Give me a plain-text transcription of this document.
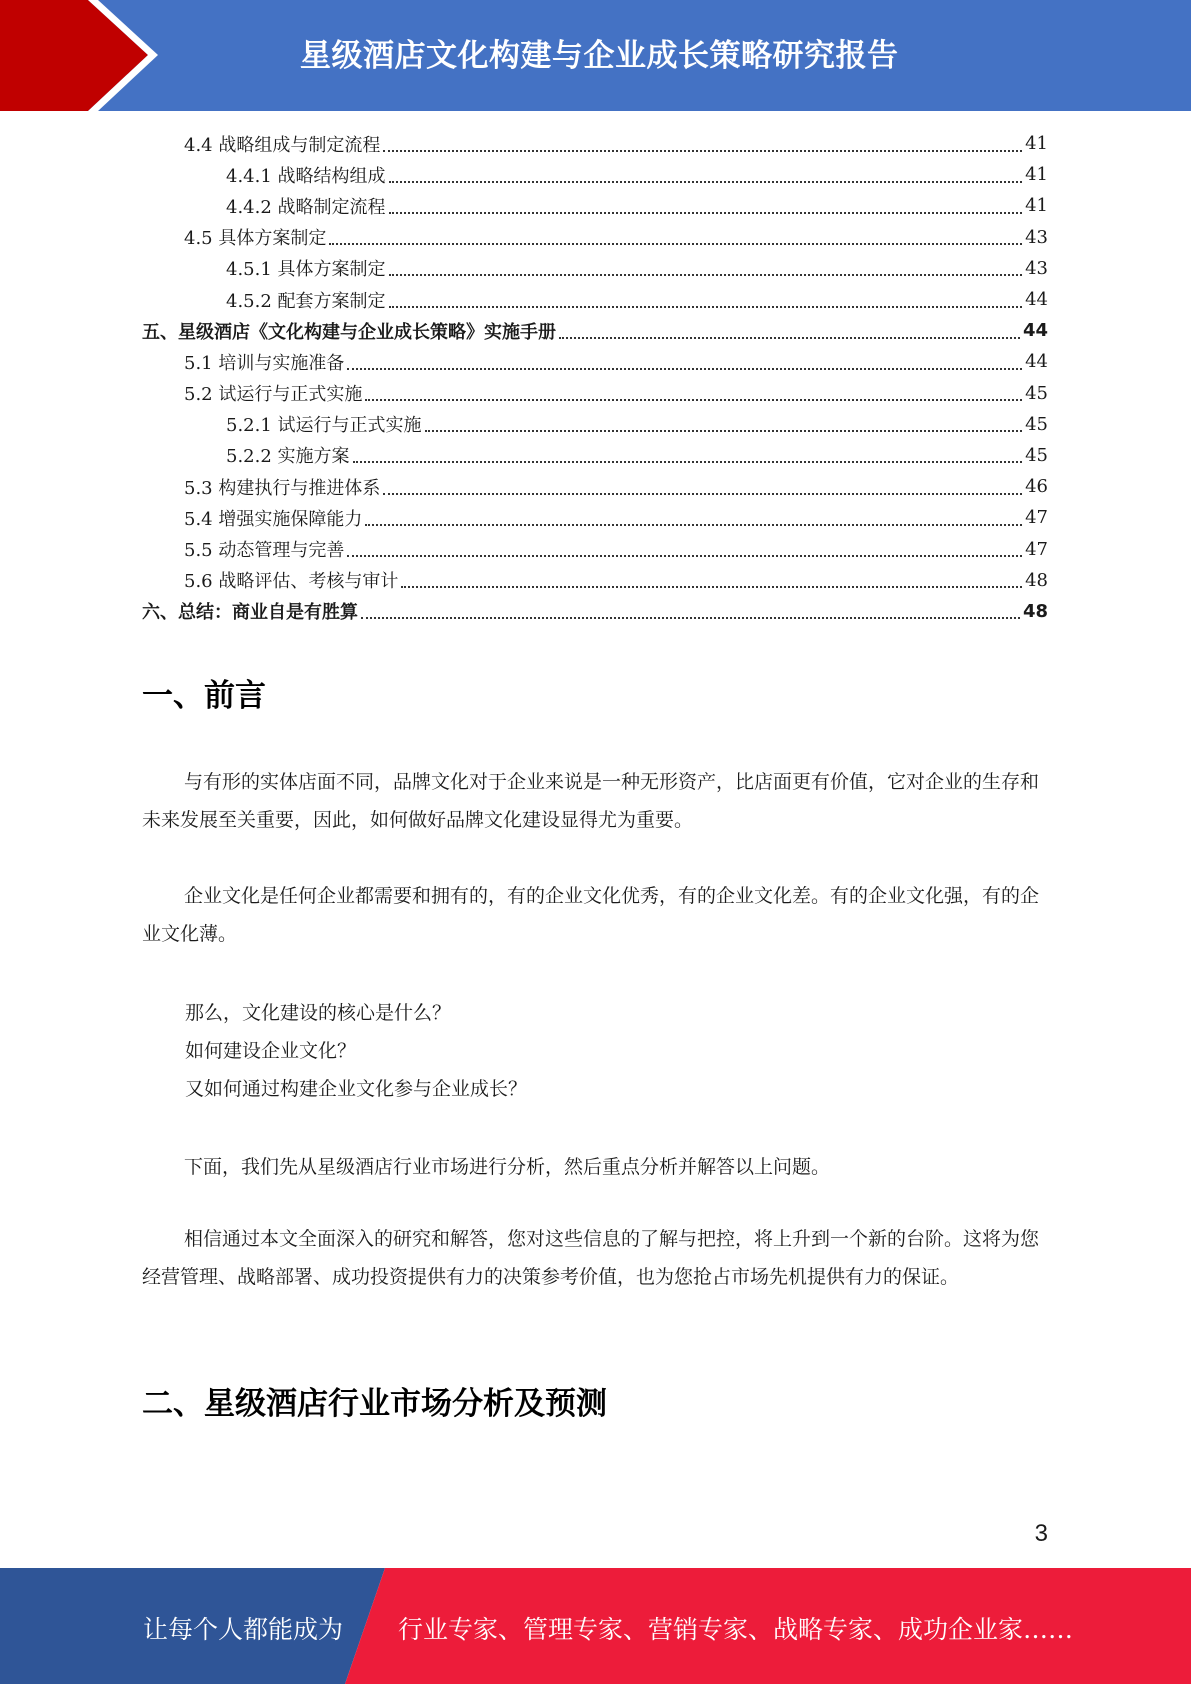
星级酒店文化构建与企业成长策略研究报告
4.4 战略组成与制定流程	41
4.4.1 战略结构组成	41
4.4.2 战略制定流程	41
4.5 具体方案制定	43
4.5.1 具体方案制定	43
4.5.2 配套方案制定	44
五、星级酒店《文化构建与企业成长策略》实施手册	44
5.1 培训与实施准备	44
5.2 试运行与正式实施	45
5.2.1 试运行与正式实施	45
5.2.2 实施方案	45
5.3 构建执行与推进体系	46
5.4 增强实施保障能力	47
5.5 动态管理与完善	47
5.6 战略评估、考核与审计	48
六、总结：商业自是有胜算	48
一、前言

与有形的实体店面不同，品牌文化对于企业来说是一种无形资产，比店面更有价值，它对企业的生存和未来发展至关重要，因此，如何做好品牌文化建设显得尤为重要。

企业文化是任何企业都需要和拥有的，有的企业文化优秀，有的企业文化差。有的企业文化强，有的企业文化薄。

那么，文化建设的核心是什么？
如何建设企业文化？
又如何通过构建企业文化参与企业成长？

下面，我们先从星级酒店行业市场进行分析，然后重点分析并解答以上问题。

相信通过本文全面深入的研究和解答，您对这些信息的了解与把控，将上升到一个新的台阶。这将为您经营管理、战略部署、成功投资提供有力的决策参考价值，也为您抢占市场先机提供有力的保证。

二、星级酒店行业市场分析及预测
3
让每个人都能成为 行业专家、管理专家、营销专家、战略专家、成功企业家……
